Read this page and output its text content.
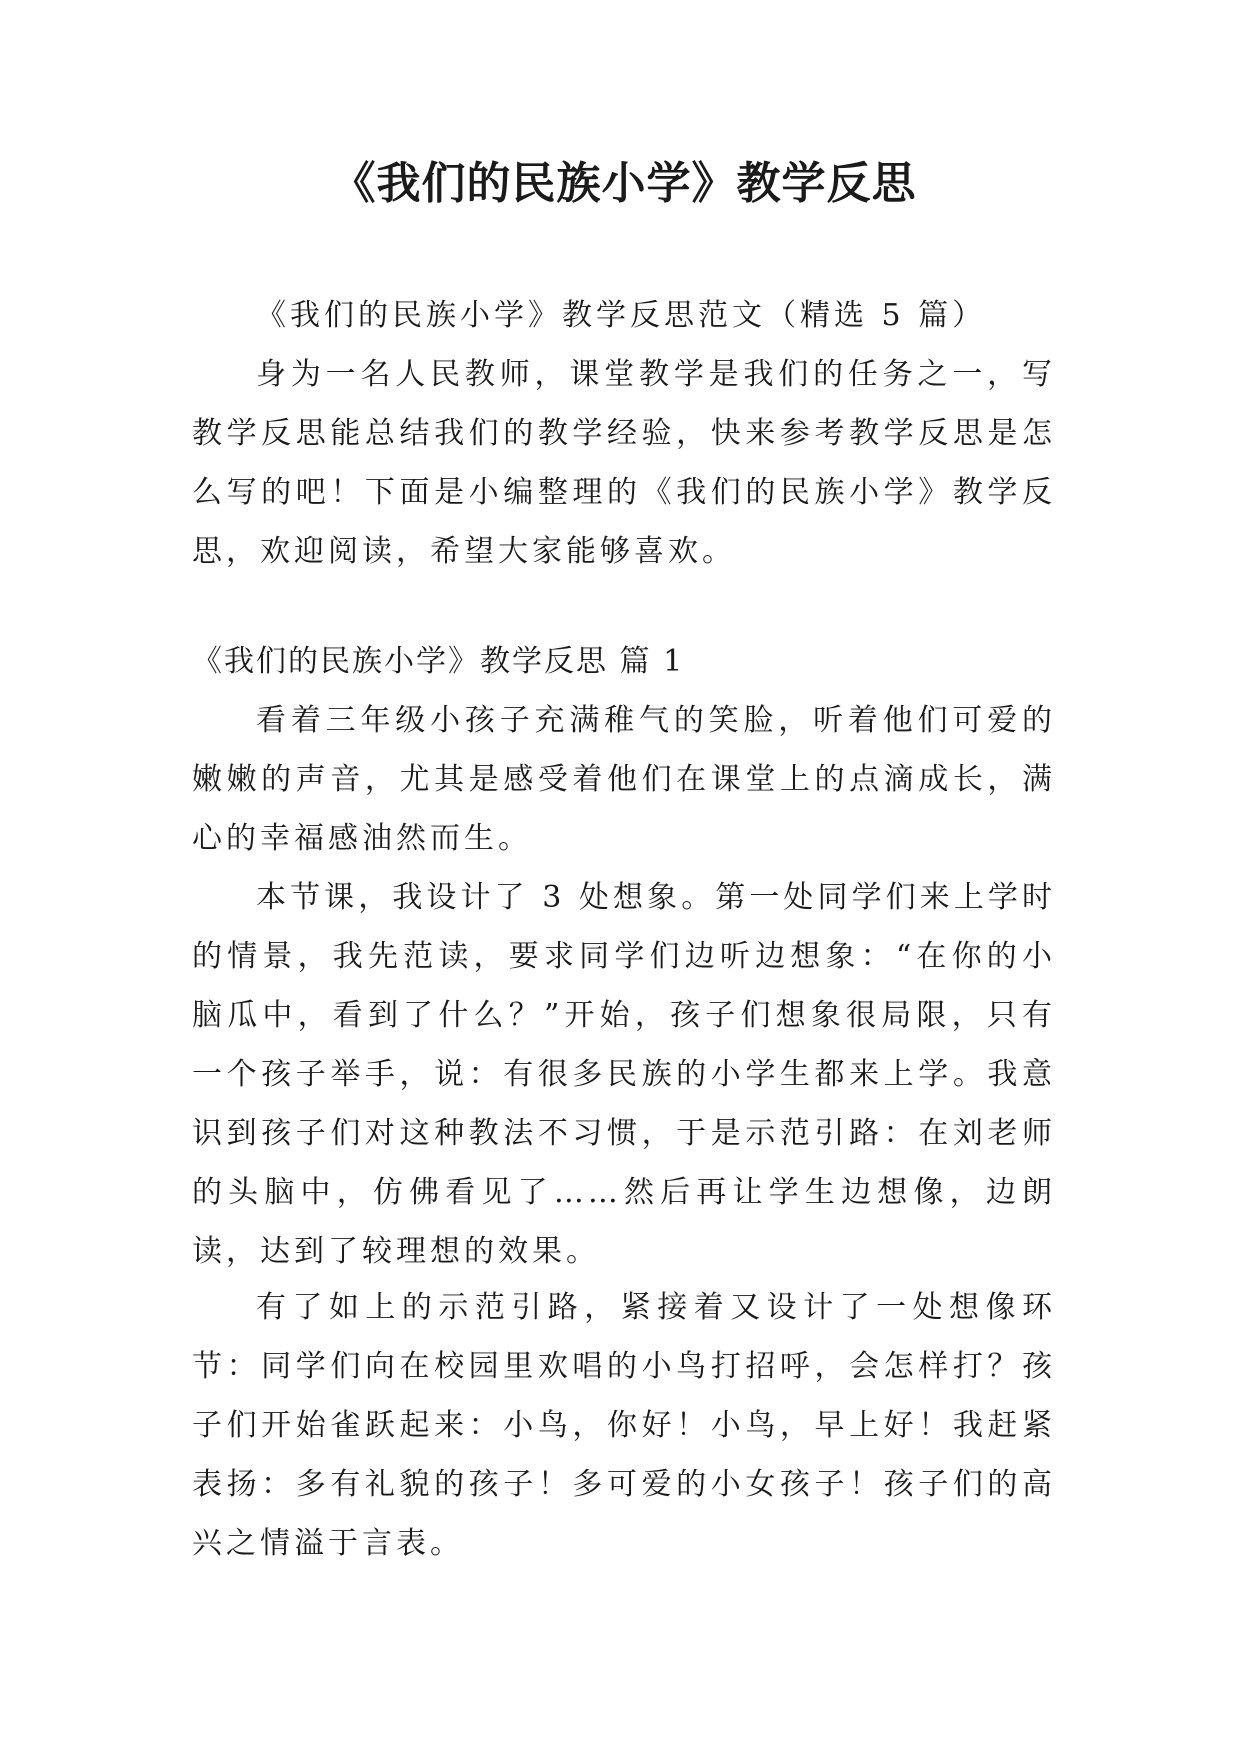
《我们的民族小学》教学反思

《我们的民族小学》教学反思范文（精选 5 篇）

身为一名人民教师，课堂教学是我们的任务之一，写教学反思能总结我们的教学经验，快来参考教学反思是怎么写的吧！下面是小编整理的《我们的民族小学》教学反思，欢迎阅读，希望大家能够喜欢。

《我们的民族小学》教学反思 篇 1

看着三年级小孩子充满稚气的笑脸，听着他们可爱的嫩嫩的声音，尤其是感受着他们在课堂上的点滴成长，满心的幸福感油然而生。

本节课，我设计了 3 处想象。第一处同学们来上学时的情景，我先范读，要求同学们边听边想象：“在你的小脑瓜中，看到了什么？”开始，孩子们想象很局限，只有一个孩子举手，说：有很多民族的小学生都来上学。我意识到孩子们对这种教法不习惯，于是示范引路：在刘老师的头脑中，仿佛看见了……然后再让学生边想像，边朗读，达到了较理想的效果。

有了如上的示范引路，紧接着又设计了一处想像环节：同学们向在校园里欢唱的小鸟打招呼，会怎样打？孩子们开始雀跃起来：小鸟，你好！小鸟，早上好！我赶紧表扬：多有礼貌的孩子！多可爱的小女孩子！孩子们的高兴之情溢于言表。
